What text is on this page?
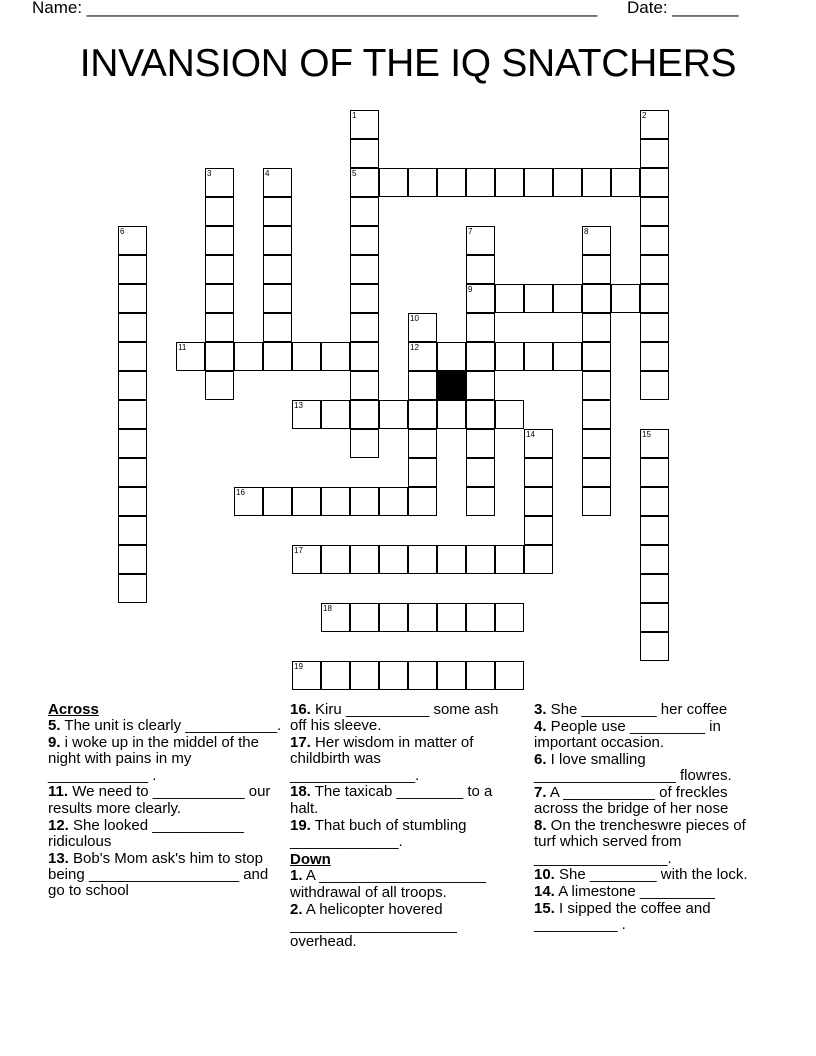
Name: ______________________________________________________ Date: _______
INVANSION OF THE IQ SNATCHERS
1
5
2
3	4
6	7
9
8
10
12
11
13
14	15
16
17
18
19
Across
5. The unit is clearly ___________.
9. i woke up in the middel of the night with pains in my ____________ .
11. We need to ___________ our results more clearly.
12. She looked ___________ ridiculous
13. Bob's Mom ask's him to stop being __________________ and go to school
16. Kiru __________ some ash off his sleeve.
17. Her wisdom in matter of childbirth was _______________.
18. The taxicab ________ to a halt.
19. That buch of stumbling _____________.
Down
1. A ____________________ withdrawal of all troops.
2. A helicopter hovered ____________________ overhead.
3. She _________ her coffee
4. People use _________ in important occasion.
6. I love smalling _________________ flowres.
7. A ___________ of freckles across the bridge of her nose
8. On the trencheswre pieces of turf which served from ________________.
10. She ________ with the lock.
14. A limestone _________
15. I sipped the coffee and __________ .
